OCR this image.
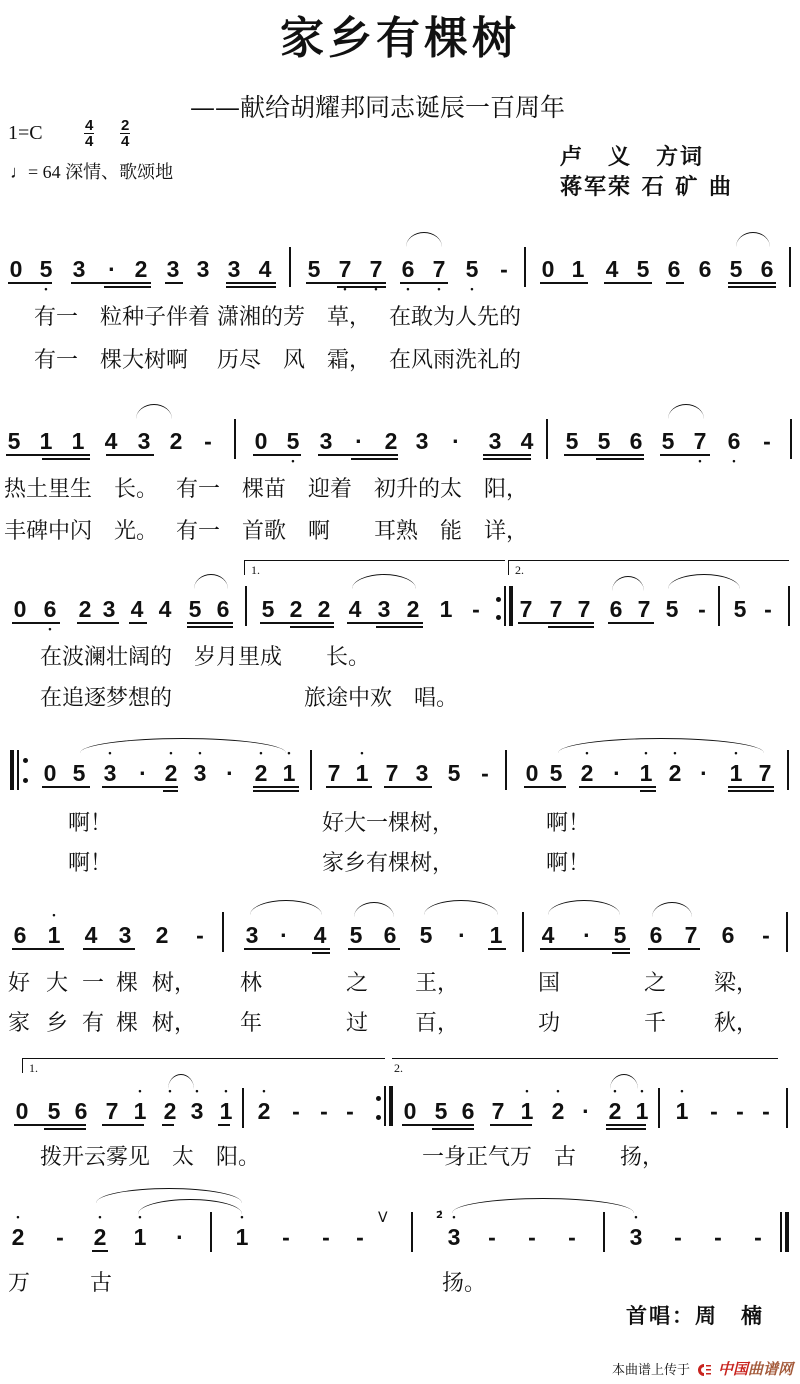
家乡有棵树
——献给胡耀邦同志诞辰一百周年
1=C	4
4
2
4
♩= 64 深情、歌颂地
卢　义　方词
蒋军荣 石 矿 曲
0 5 • 3 · 2 3 3 3 4 5 7 • 7 • 6 • 7 • 5 • - 0 1 4 5 6 6 5 6
有一　粒种子伴着 潇湘的芳　草，　 在敢为人先的
有一　棵大树啊　 历尽　风　霜，　 在风雨洗礼的
5 1 1 4 3 2 - 0 5 • 3 · 2 3 · 3 4 5 5 6 5 7 • 6 • -
热土里生　长。　 有一　棵苗　迎着　初升的太　阳，
丰碑中闪　光。　 有一　首歌　啊　　耳熟　能　详，
1.	2.
0 6 • 2 3 4 4 5 6 5 2 2 4 3 2 1 - 7 7 7 6 7 5 - 5 -
在波澜壮阔的　岁月里成　　长。
在追逐梦想的　　　　　　旅途中欢　唱。
0 5 • 3 · • 2 • 3 · • 2 • 1 7 • 1 7 3 5 - 0 5 • 2 · • 1 • 2 · • 1 7
啊！	好大一棵树，	啊！
啊！	家乡有棵树，	啊！
6 • 1 4 3 2 - 3 · 4 5 6 5 · 1 4 · 5 6 7 6 -
好 大 一 棵 树， 林	之 王，	国	之 梁，
家 乡 有 棵 树， 年	过 百，	功	千 秋，
1.	2.
0 5 6 7 • 1 • 2 • 3 • 1 • 2 - - - 0 5 6 7 • 1 • 2 · • 2 • 1 • 1 - - -
拨开云雾见　太　阳。	一身正气万　古　　扬，
• 2 - • 2 • 1 · • 1 - - -
V	2̇
• 3 - - - • 3 - - -
万	古	扬。
首唱：周　楠
本曲谱上传于 中国 曲谱网
